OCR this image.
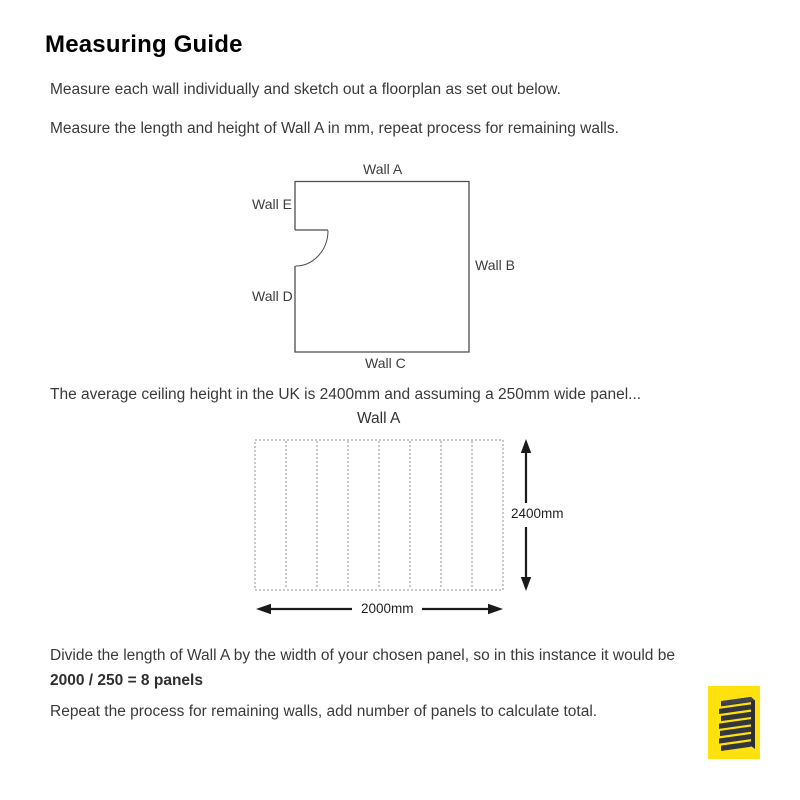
Measuring Guide

Measure each wall individually and sketch out a floorplan as set out below.

Measure the length and height of Wall A in mm, repeat process for remaining walls.

The average ceiling height in the UK is 2400mm and assuming a 250mm wide panel...

Divide the length of Wall A by the width of your chosen panel, so in this instance it would be

2000 / 250 = 8 panels

Repeat the process for remaining walls, add number of panels to calculate total.

Wall A
Wall E
Wall B
Wall D
Wall C
Wall A
2400mm
2000mm
